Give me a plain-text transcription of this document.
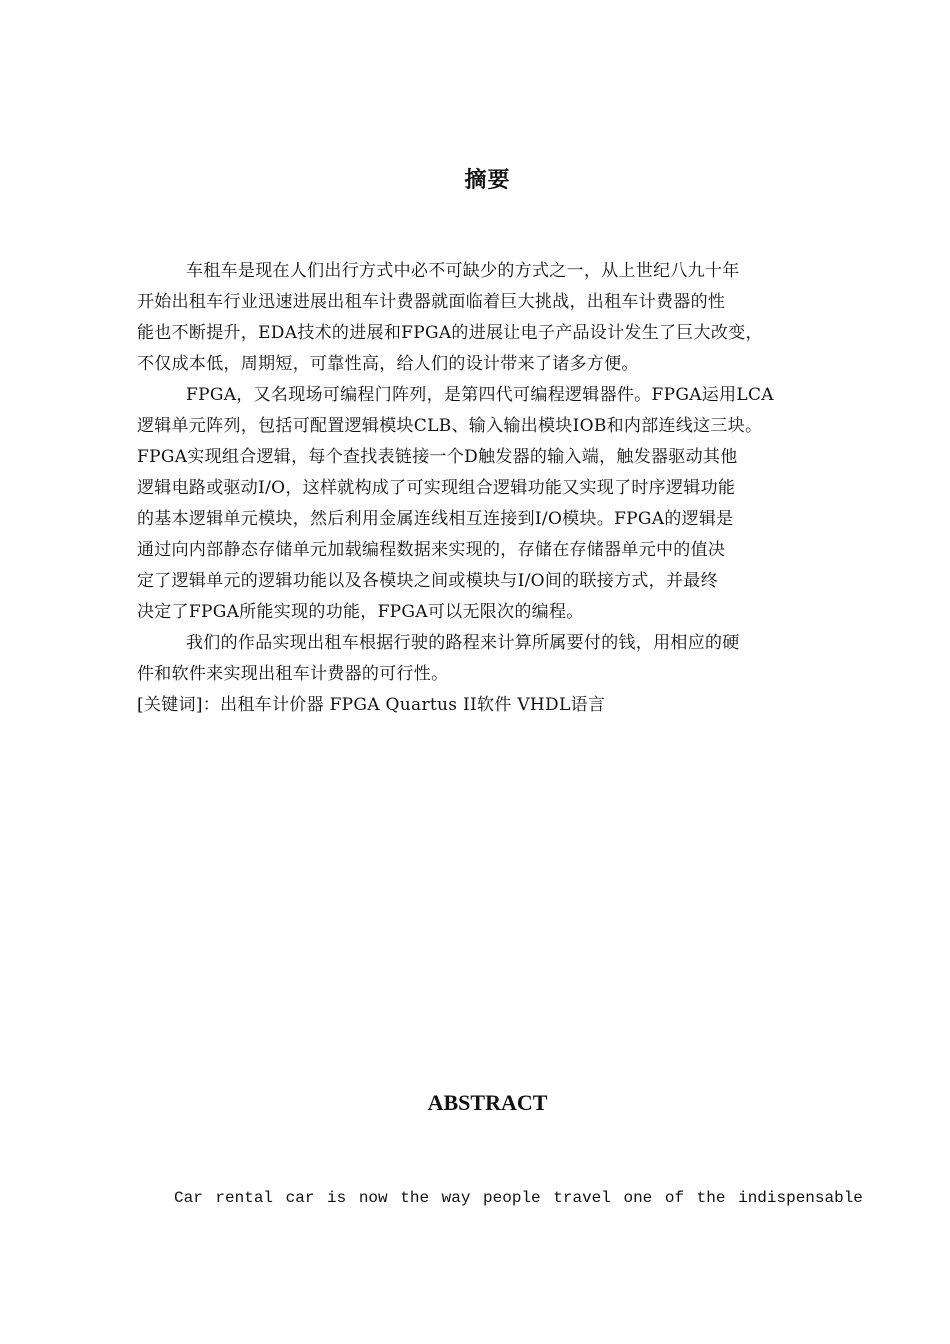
摘要
车租车是现在人们出行方式中必不可缺少的方式之一，从上世纪八九十年
开始出租车行业迅速进展出租车计费器就面临着巨大挑战，出租车计费器的性
能也不断提升，EDA技术的进展和FPGA的进展让电子产品设计发生了巨大改变，
不仅成本低，周期短，可靠性高，给人们的设计带来了诸多方便。
FPGA，又名现场可编程门阵列，是第四代可编程逻辑器件。FPGA运用LCA
逻辑单元阵列，包括可配置逻辑模块CLB、输入输出模块IOB和内部连线这三块。
FPGA实现组合逻辑，每个查找表链接一个D触发器的输入端，触发器驱动其他
逻辑电路或驱动I/O，这样就构成了可实现组合逻辑功能又实现了时序逻辑功能
的基本逻辑单元模块，然后利用金属连线相互连接到I/O模块。FPGA的逻辑是
通过向内部静态存储单元加载编程数据来实现的，存储在存储器单元中的值决
定了逻辑单元的逻辑功能以及各模块之间或模块与I/O间的联接方式，并最终
决定了FPGA所能实现的功能，FPGA可以无限次的编程。
我们的作品实现出租车根据行驶的路程来计算所属要付的钱，用相应的硬
件和软件来实现出租车计费器的可行性。
[关键词]：出租车计价器 FPGA Quartus II软件 VHDL语言
ABSTRACT
Car rental car is now the way people travel one of the indispensable
